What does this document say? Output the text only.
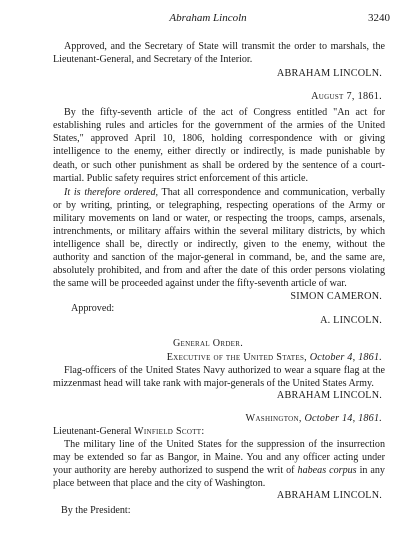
Abraham Lincoln	3240

Approved, and the Secretary of State will transmit the order to marshals, the Lieutenant-General, and Secretary of the Interior.

ABRAHAM LINCOLN.
August 7, 1861.

By the fifty-seventh article of the act of Congress entitled "An act for establishing rules and articles for the government of the armies of the United States," approved April 10, 1806, holding correspondence with or giving intelligence to the enemy, either directly or indirectly, is made punishable by death, or such other punishment as shall be ordered by the sentence of a court-martial. Public safety requires strict enforcement of this article.

It is therefore ordered, That all correspondence and communication, verbally or by writing, printing, or telegraphing, respecting operations of the Army or military movements on land or water, or respecting the troops, camps, arsenals, intrenchments, or military affairs within the several military districts, by which intelligence shall be, directly or indirectly, given to the enemy, without the authority and sanction of the major-general in command, be, and the same are, absolutely prohibited, and from and after the date of this order persons violating the same will be proceeded against under the fifty-seventh article of war.

SIMON CAMERON.
Approved:
A. LINCOLN.
General Order.
Executive of the United States, October 4, 1861.

Flag-officers of the United States Navy authorized to wear a square flag at the mizzenmast head will take rank with major-generals of the United States Army.

ABRAHAM LINCOLN.
Washington, October 14, 1861.
Lieutenant-General Winfield Scott:

The military line of the United States for the suppression of the insurrection may be extended so far as Bangor, in Maine. You and any officer acting under your authority are hereby authorized to suspend the writ of habeas corpus in any place between that place and the city of Washington.

ABRAHAM LINCOLN.
By the President:
